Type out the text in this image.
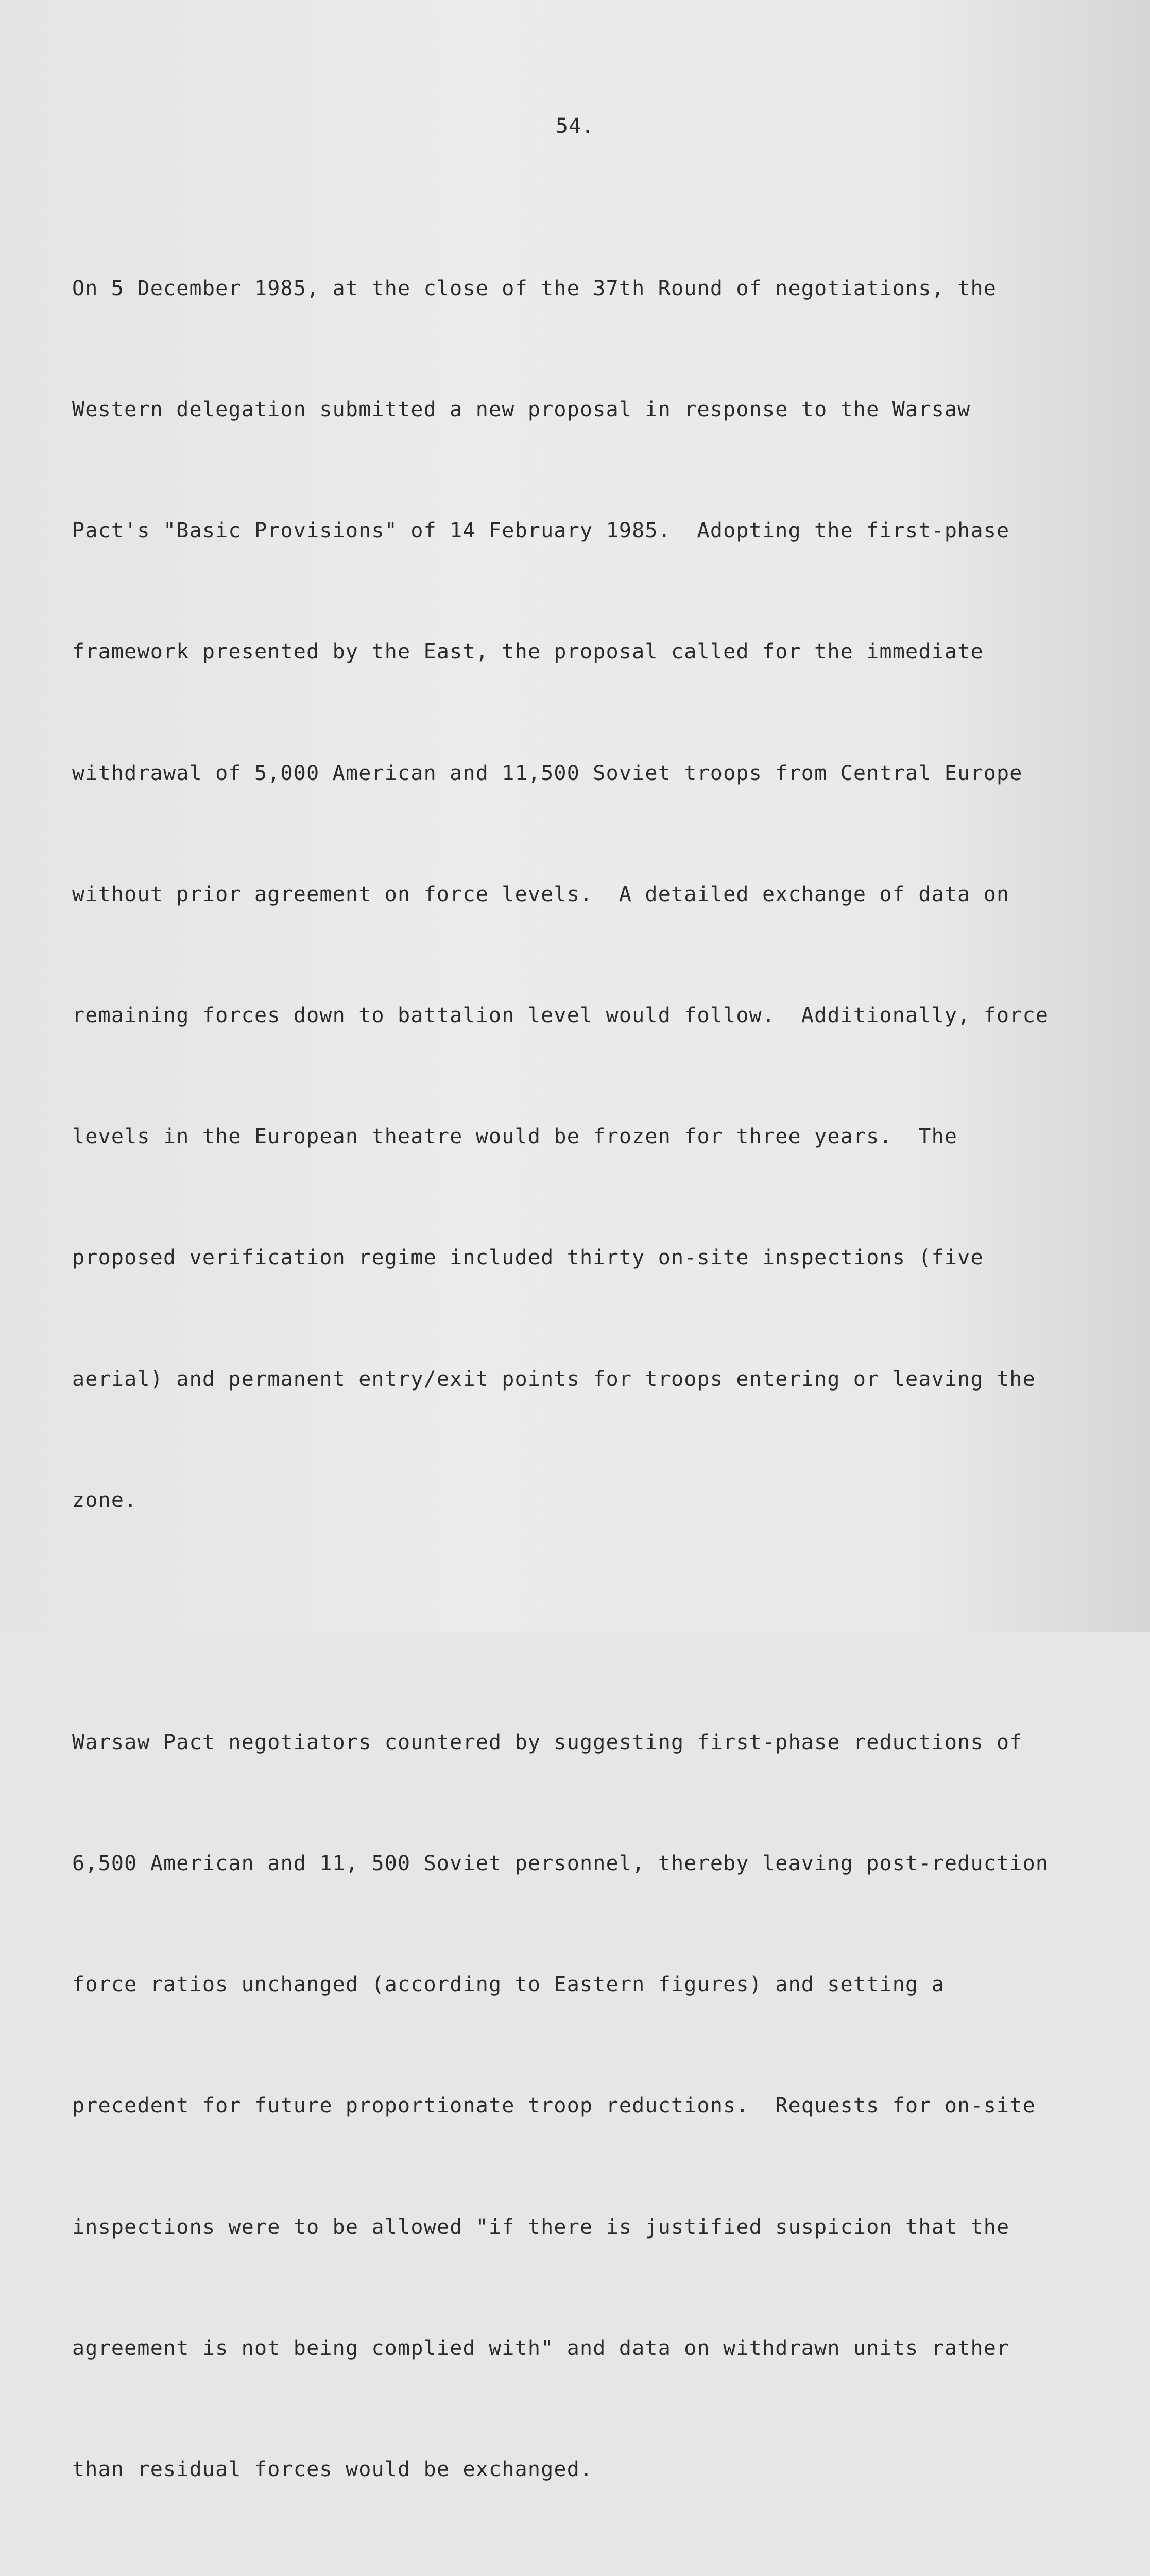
54.

On 5 December 1985, at the close of the 37th Round of negotiations, the

Western delegation submitted a new proposal in response to the Warsaw

Pact's "Basic Provisions" of 14 February 1985.  Adopting the first-phase

framework presented by the East, the proposal called for the immediate

withdrawal of 5,000 American and 11,500 Soviet troops from Central Europe

without prior agreement on force levels.  A detailed exchange of data on

remaining forces down to battalion level would follow.  Additionally, force

levels in the European theatre would be frozen for three years.  The

proposed verification regime included thirty on-site inspections (five

aerial) and permanent entry/exit points for troops entering or leaving the

zone.

Warsaw Pact negotiators countered by suggesting first-phase reductions of

6,500 American and 11, 500 Soviet personnel, thereby leaving post-reduction

force ratios unchanged (according to Eastern figures) and setting a

precedent for future proportionate troop reductions.  Requests for on-site

inspections were to be allowed "if there is justified suspicion that the

agreement is not being complied with" and data on withdrawn units rather

than residual forces would be exchanged.
